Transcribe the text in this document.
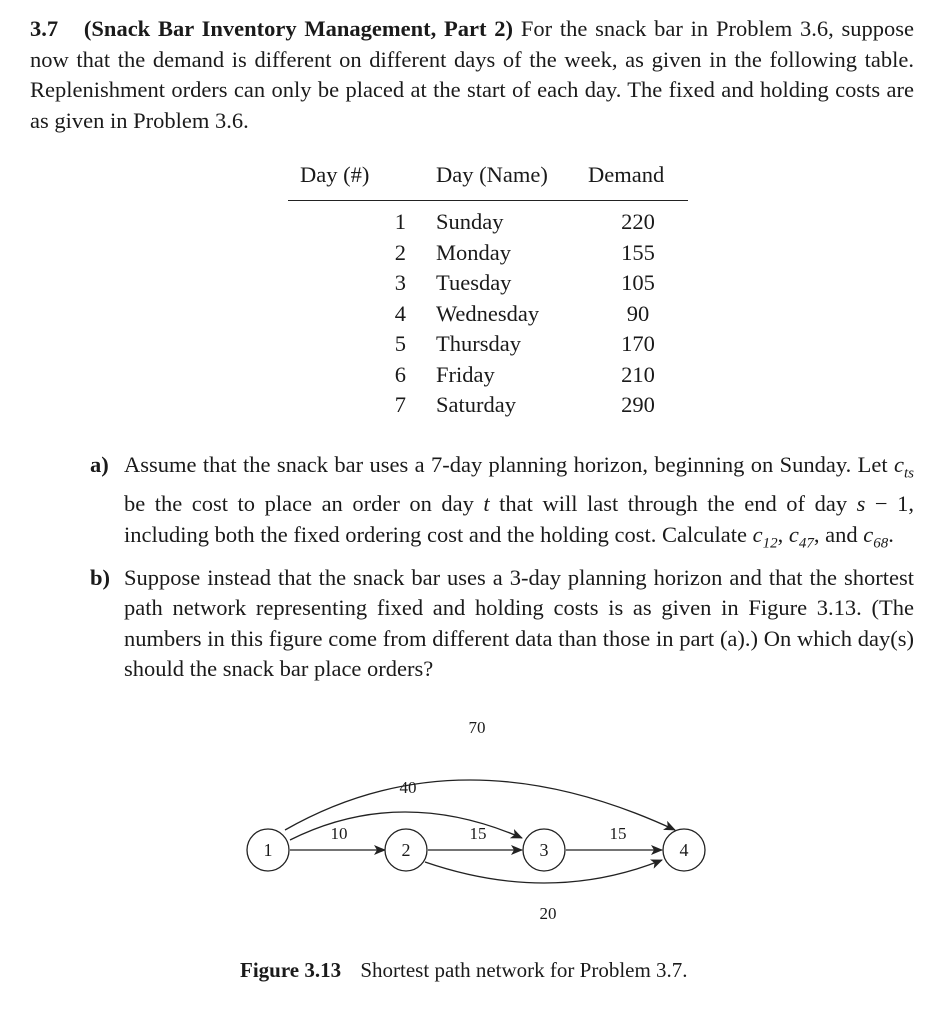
3.7 (Snack Bar Inventory Management, Part 2) For the snack bar in Problem 3.6, suppose now that the demand is different on different days of the week, as given in the following table. Replenishment orders can only be placed at the start of each day. The fixed and holding costs are as given in Problem 3.6.
Day (#)	Day (Name)	Demand
1	Sunday	220
2	Monday	155
3	Tuesday	105
4	Wednesday	90
5	Thursday	170
6	Friday	210
7	Saturday	290
a) Assume that the snack bar uses a 7-day planning horizon, beginning on Sunday. Let $c_{ts}$ be the cost to place an order on day t that will last through the end of day s − 1, including both the fixed ordering cost and the holding cost. Calculate $c_{12}$, $c_{47}$, and $c_{68}$.
b) Suppose instead that the snack bar uses a 3-day planning horizon and that the shortest path network representing fixed and holding costs is as given in Figure 3.13. (The numbers in this figure come from different data than those in part (a).) On which day(s) should the snack bar place orders?
1	2	3	4
10	15	15
40
70
20
Figure 3.13 Shortest path network for Problem 3.7.
